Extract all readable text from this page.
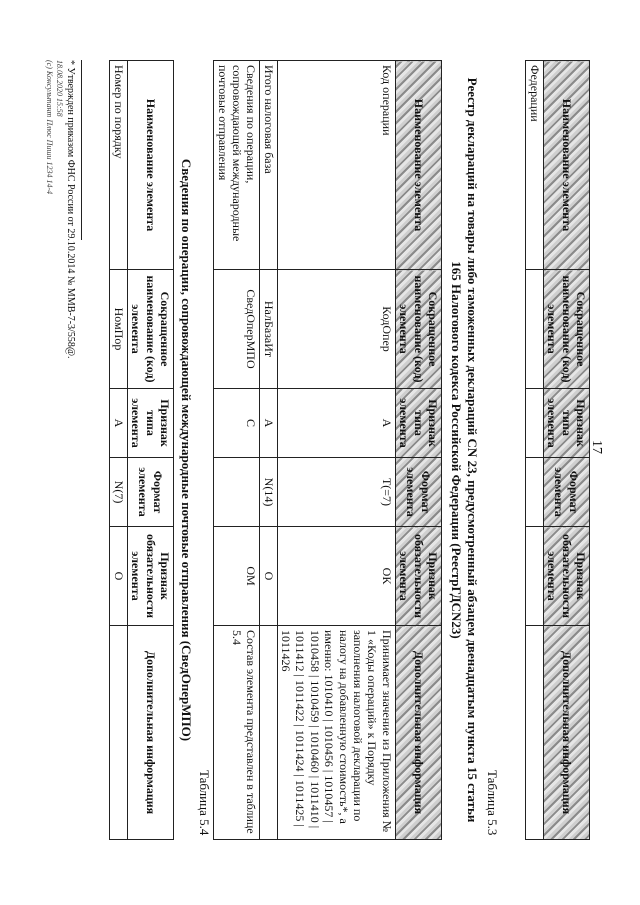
17
Наименование элемента	Сокращенное наименование (код) элемента	Признак типа элемента	Формат элемента	Признак обязательности элемента	Дополнительная информация
Федерации					
Таблица 5.3
Реестр деклараций на товары либо таможенных деклараций CN 23, предусмотренный абзацем двенадцатым пункта 15 статьи
165 Налогового кодекса Российской Федерации (РеестрГДCN23)
Наименование элемента	Сокращенное наименование (код) элемента	Признак типа элемента	Формат элемента	Признак обязательности элемента	Дополнительная информация
Код операции	КодОпер	А	T(=7)	ОК	Принимает значение из Приложения № 1 «Коды операций» к Порядку заполнения налоговой декларации по налогу на добавленную стоимость*, а именно: 1010410 | 1010456 | 1010457 | 1010458 | 1010459 | 1010460 | 1011410 | 1011412 | 1011422 | 1011424 | 1011425 | 1011426
Итого налоговая база	НалБазаИт	А	N(14)	О	
Сведения по операции, сопровождающей международные почтовые отправления	СведОперМПО	С		ОМ	Состав элемента представлен в таблице 5.4
Таблица 5.4
Сведения по операции, сопровождающей международные почтовые отправления (СведОперМПО)
Наименование элемента	Сокращенное наименование (код) элемента	Признак типа элемента	Формат элемента	Признак обязательности элемента	Дополнительная информация
Номер по порядку	НомПор	А	N(7)	О	
* Утвержден приказом ФНС России от 29.10.2014 № ММВ-7-3/558@.
18.08.2020 15:58
(с) Консультант Плюс Пиши 1234 14-4
